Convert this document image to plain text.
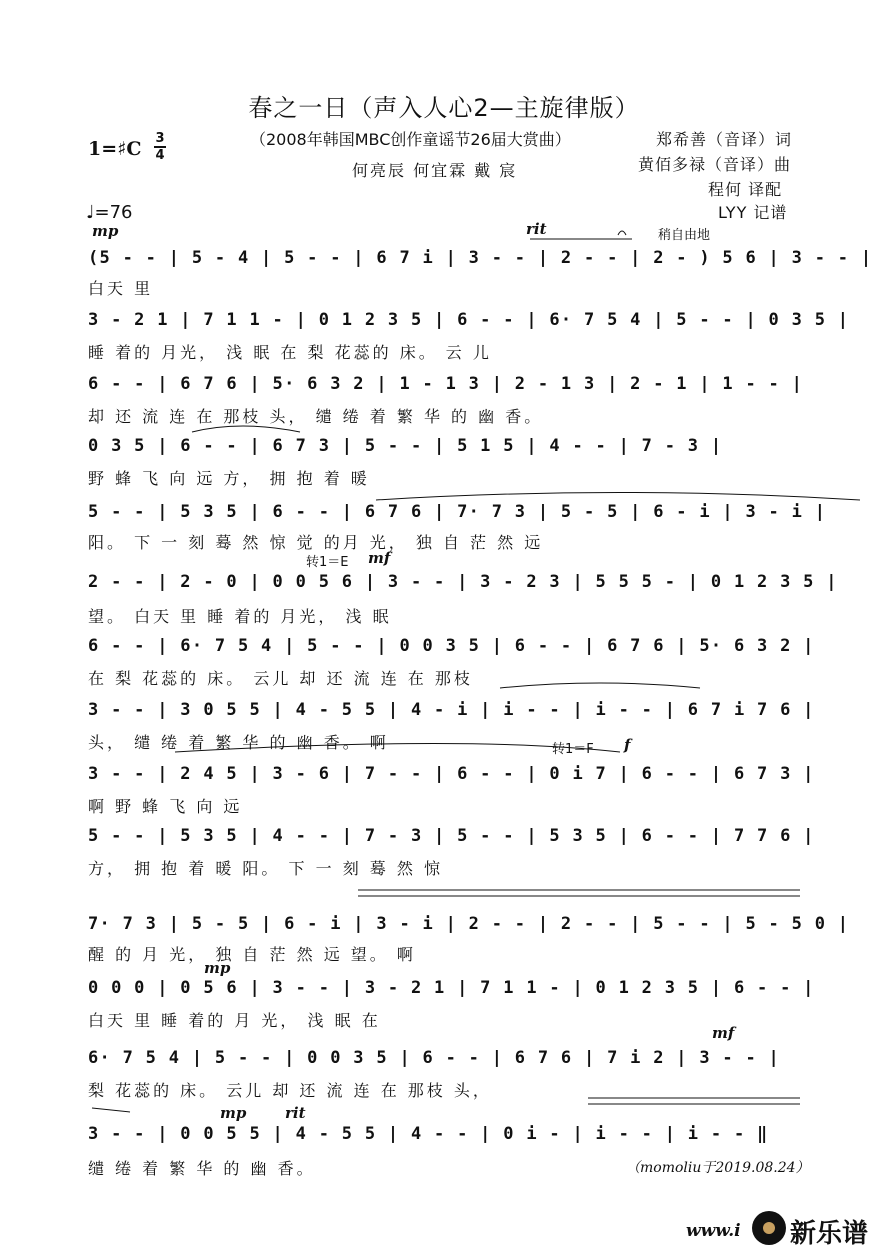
春之一日（声入人心2—主旋律版）
1=♯C 3
4
（2008年韩国MBC创作童谣节26届大赏曲）
何亮辰 何宜霖 戴 宸
郑希善（音译）词
黄佰多禄（音译）曲
程何 译配
LYY 记谱
♩=76
mp	rit	稍自由地
转1＝E mf
转1＝F f
mp
mf
mp	rit
(5 - - | 5 - 4 | 5 - - | 6 7 i | 3 - - | 2 - - | 2 - ) 5 6 | 3 - - |
白天 里
3 - 2 1 | 7 1 1 - | 0 1 2 3 5 | 6 - - | 6· 7 5 4 | 5 - - | 0 3 5 |
睡 着的 月光， 浅 眠 在 梨 花蕊的 床。 云 儿
6 - - | 6 7 6 | 5· 6 3 2 | 1 - 1 3 | 2 - 1 3 | 2 - 1 | 1 - - |
却 还 流 连 在 那枝 头， 缱 绻 着 繁 华 的 幽 香。
0 3 5 | 6 - - | 6 7 3 | 5 - - | 5 1 5 | 4 - - | 7 - 3 |
野 蜂 飞 向 远 方， 拥 抱 着 暖
5 - - | 5 3 5 | 6 - - | 6 7 6 | 7· 7 3 | 5 - 5 | 6 - i | 3 - i |
阳。 下 一 刻 蓦 然 惊 觉 的月 光， 独 自 茫 然 远
2 - - | 2 - 0 | 0 0 5 6 | 3 - - | 3 - 2 3 | 5 5 5 - | 0 1 2 3 5 |
望。 白天 里 睡 着的 月光， 浅 眠
6 - - | 6· 7 5 4 | 5 - - | 0 0 3 5 | 6 - - | 6 7 6 | 5· 6 3 2 |
在 梨 花蕊的 床。 云儿 却 还 流 连 在 那枝
3 - - | 3 0 5 5 | 4 - 5 5 | 4 - i | i - - | i - - | 6 7 i 7 6 |
头， 缱 绻 着 繁 华 的 幽 香。 啊
3 - - | 2 4 5 | 3 - 6 | 7 - - | 6 - - | 0 i 7 | 6 - - | 6 7 3 |
啊 野 蜂 飞 向 远
5 - - | 5 3 5 | 4 - - | 7 - 3 | 5 - - | 5 3 5 | 6 - - | 7 7 6 |
方， 拥 抱 着 暖 阳。 下 一 刻 蓦 然 惊
7· 7 3 | 5 - 5 | 6 - i | 3 - i | 2 - - | 2 - - | 5 - - | 5 - 5 0 |
醒 的 月 光， 独 自 茫 然 远 望。 啊
0 0 0 | 0 5 6 | 3 - - | 3 - 2 1 | 7 1 1 - | 0 1 2 3 5 | 6 - - |
白天 里 睡 着的 月 光， 浅 眠 在
6· 7 5 4 | 5 - - | 0 0 3 5 | 6 - - | 6 7 6 | 7 i 2 | 3 - - |
梨 花蕊的 床。 云儿 却 还 流 连 在 那枝 头，
3 - - | 0 0 5 5 | 4 - 5 5 | 4 - - | 0 i - | i - - | i - - ‖
缱 绻 着 繁 华 的 幽 香。	（momoliu于2019.08.24）
www.i 新乐谱
